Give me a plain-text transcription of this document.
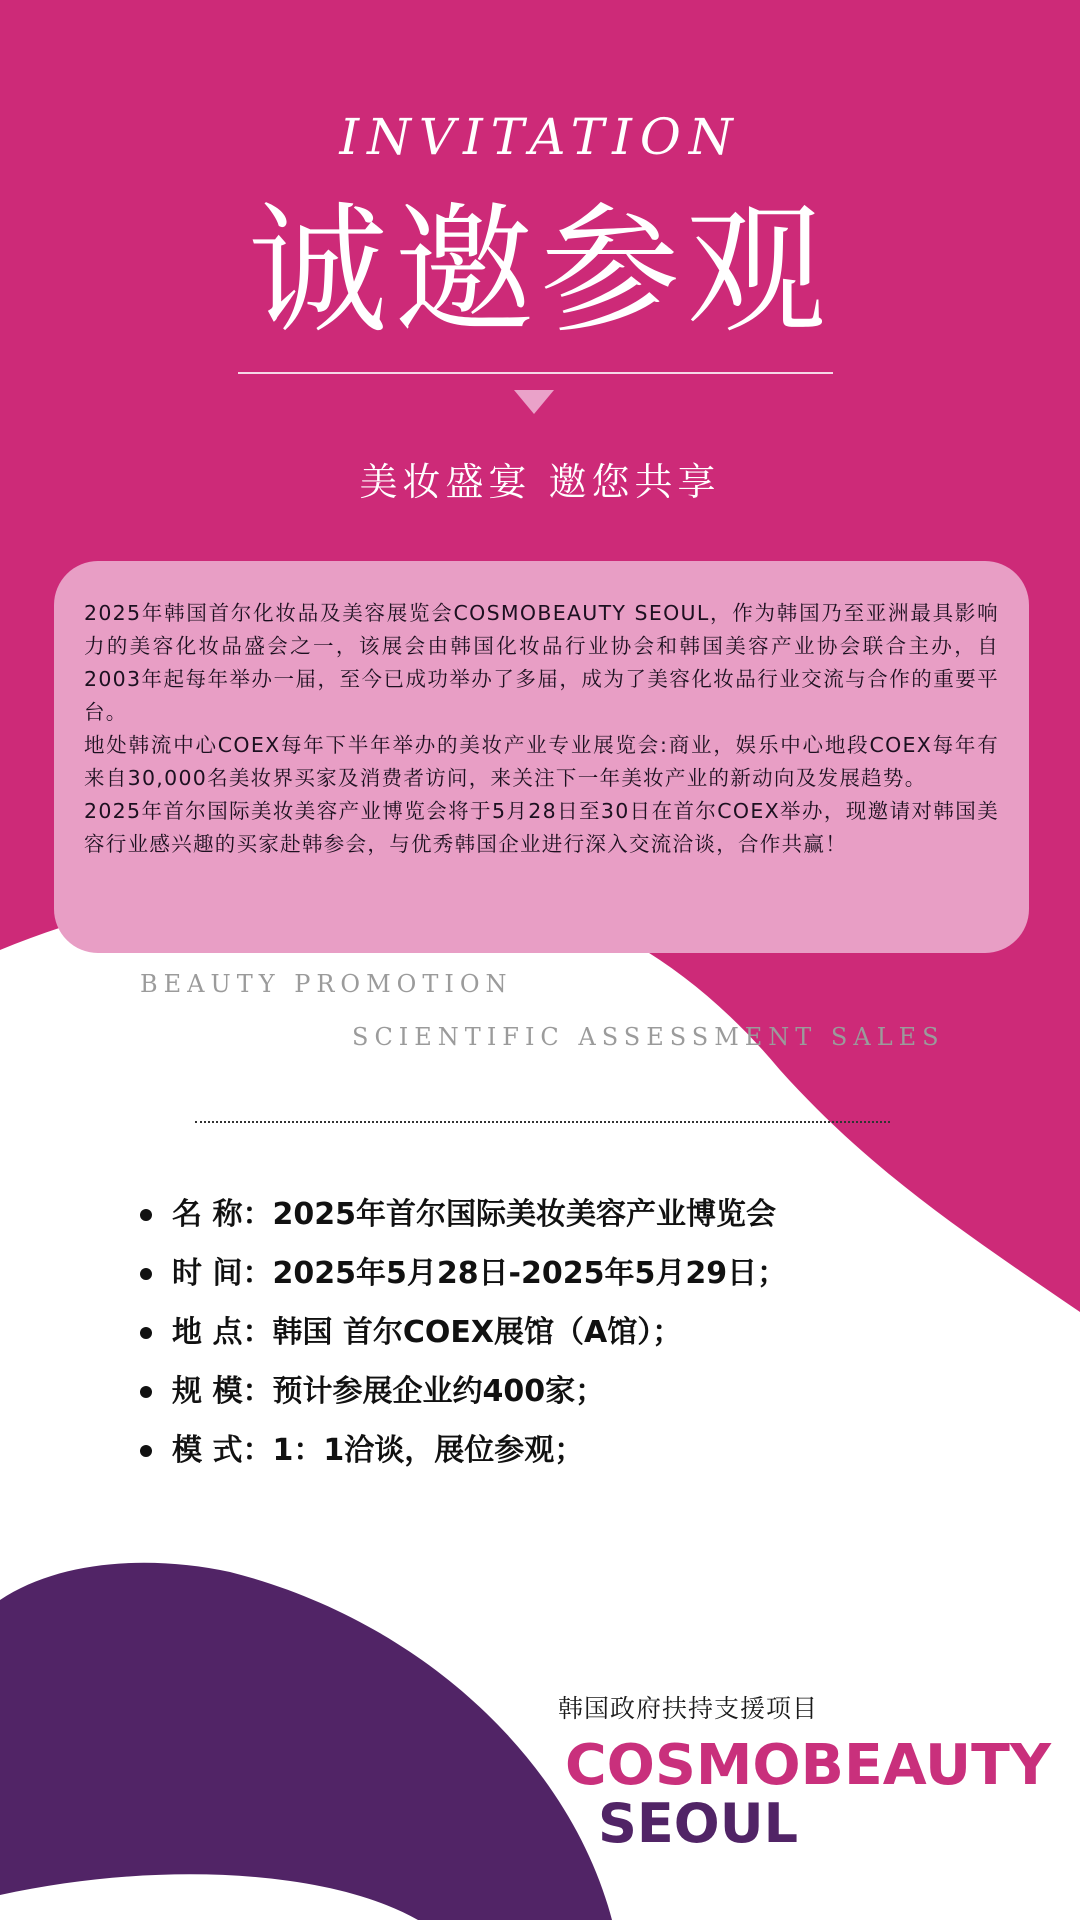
INVITATION
诚邀参观
美妆盛宴 邀您共享

2025年韩国首尔化妆品及美容展览会COSMOBEAUTY SEOUL，作为韩国乃至亚洲最具影响力的美容化妆品盛会之一，该展会由韩国化妆品行业协会和韩国美容产业协会联合主办，自2003年起每年举办一届，至今已成功举办了多届，成为了美容化妆品行业交流与合作的重要平台。

地处韩流中心COEX每年下半年举办的美妆产业专业展览会:商业，娱乐中心地段COEX每年有来自30,000名美妆界买家及消费者访问，来关注下一年美妆产业的新动向及发展趋势。

2025年首尔国际美妆美容产业博览会将于5月28日至30日在首尔COEX举办，现邀请对韩国美容行业感兴趣的买家赴韩参会，与优秀韩国企业进行深入交流洽谈，合作共赢！

BEAUTY PROMOTION
SCIENTIFIC ASSESSMENT SALES
名 称：2025年首尔国际美妆美容产业博览会
时 间：2025年5月28日-2025年5月29日；
地 点：韩国 首尔COEX展馆（A馆）；
规 模：预计参展企业约400家；
模 式：1：1洽谈，展位参观；
韩国政府扶持支援项目
COSMOBEAUTY
SEOUL
